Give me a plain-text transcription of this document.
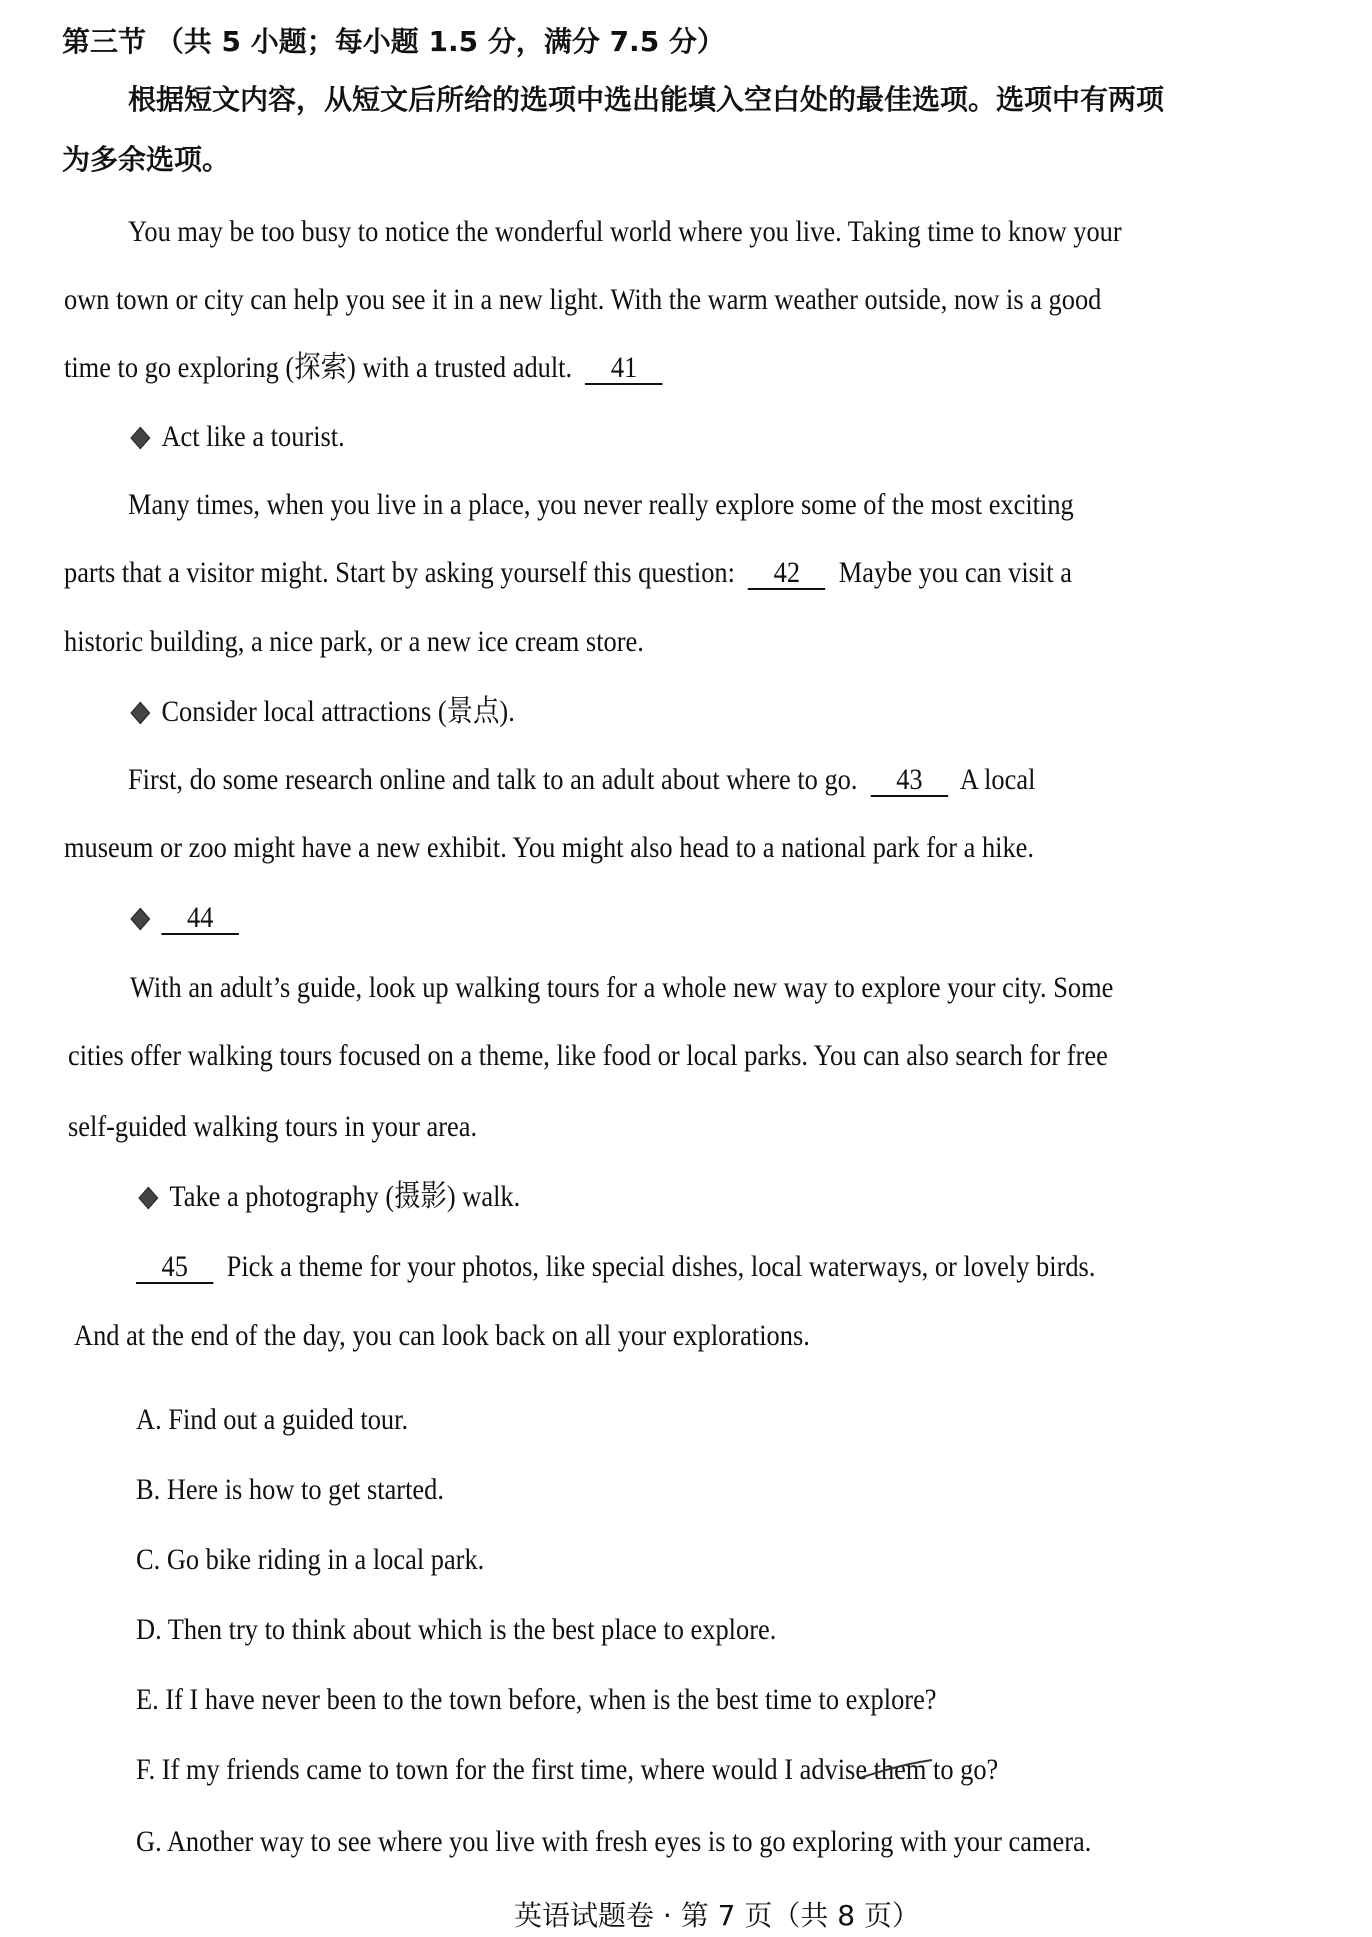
第三节 （共 5 小题；每小题 1.5 分，满分 7.5 分）
根据短文内容，从短文后所给的选项中选出能填入空白处的最佳选项。选项中有两项
为多余选项。
You may be too busy to notice the wonderful world where you live. Taking time to know your
own town or city can help you see it in a new light. With the warm weather outside, now is a good
time to go exploring (探索) with a trusted adult. 41
Act like a tourist.
Many times, when you live in a place, you never really explore some of the most exciting
parts that a visitor might. Start by asking yourself this question: 42 Maybe you can visit a
historic building, a nice park, or a new ice cream store.
Consider local attractions (景点).
First, do some research online and talk to an adult about where to go. 43 A local
museum or zoo might have a new exhibit. You might also head to a national park for a hike.
44
With an adult’s guide, look up walking tours for a whole new way to explore your city. Some
cities offer walking tours focused on a theme, like food or local parks. You can also search for free
self-guided walking tours in your area.
Take a photography (摄影) walk.
45 Pick a theme for your photos, like special dishes, local waterways, or lovely birds.
And at the end of the day, you can look back on all your explorations.
A. Find out a guided tour.
B. Here is how to get started.
C. Go bike riding in a local park.
D. Then try to think about which is the best place to explore.
E. If I have never been to the town before, when is the best time to explore?
F. If my friends came to town for the first time, where would I advise them to go?
G. Another way to see where you live with fresh eyes is to go exploring with your camera.
英语试题卷 · 第 7 页（共 8 页）
